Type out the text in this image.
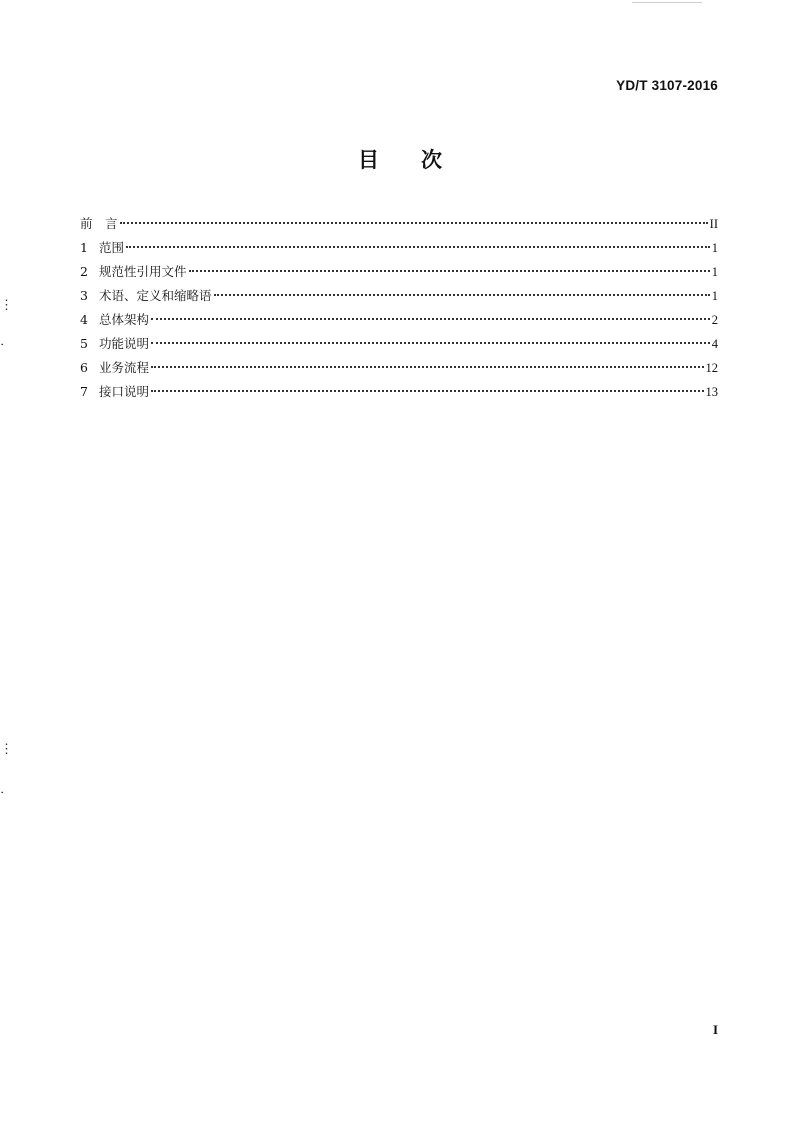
YD/T 3107-2016
目次
前　言	II
1 范围	1
2 规范性引用文件	1
3 术语、定义和缩略语	1
4 总体架构	2
5 功能说明	4
6 业务流程	12
7 接口说明	13
⋮
⋅
⋮
⋅
I
